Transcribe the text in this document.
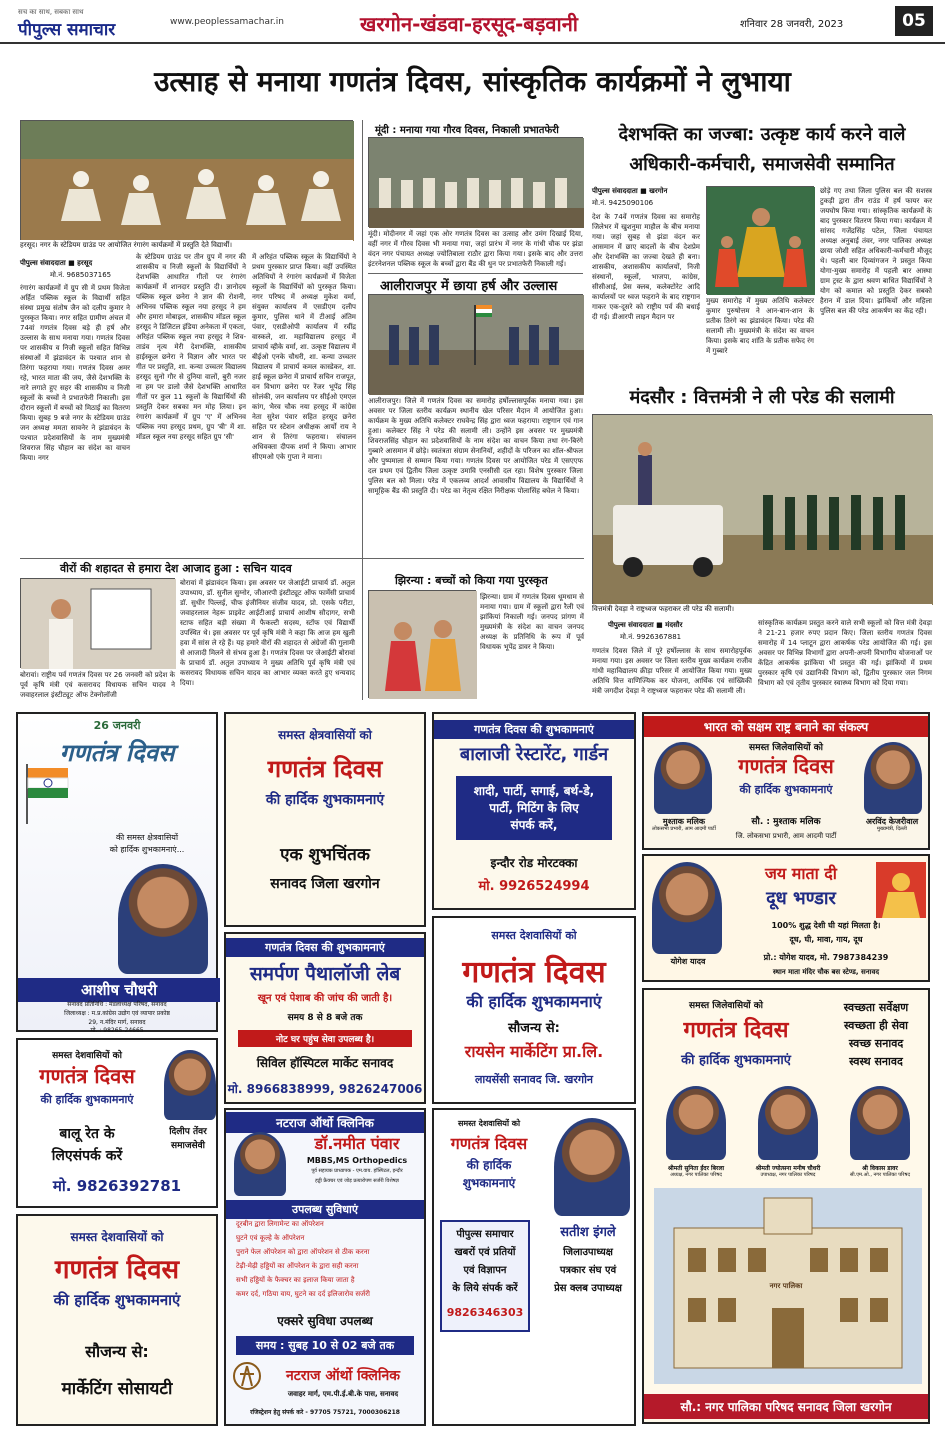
सच का साथ, सबका साथ
पीपुल्स समाचार	www.peoplessamachar.in	खरगोन-खंडवा-हरसूद-बड़वानी	शनिवार 28 जनवरी, 2023	05
उत्साह से मनाया गणतंत्र दिवस, सांस्कृतिक कार्यक्रमों ने लुभाया
हरसूद। नगर के स्टेडियम ग्राउंड पर आयोजित रंगारंग कार्यक्रमों में प्रस्तुति देते विद्यार्थी।
पीपुल्स संवाददाता ■ हरसूद
मो.नं. 9685037165
रंगारंग कार्यक्रमों में ग्रुप सी में प्रथम विजेता अर्हित पब्लिक स्कूल के विद्यार्थी सहित संस्था प्रमुख संतोष जैन को दलीप कुमार ने पुरस्कृत किया। नगर सहित ग्रामीण अंचल में 74वां गणतंत्र दिवस बड़े ही हर्ष और उल्लास के साथ मनाया गया। गणतंत्र दिवस पर शासकीय व निजी स्कूलों सहित विभिन्न संस्थाओं में झंडावंदन के पश्चात शान से तिरंगा फहराया गया। गणतंत्र दिवस अमर रहे, भारत माता की जय, जैसे देशभक्ति के नारे लगाते हुए सहर की शासकीय व निजी स्कूलों के बच्चों ने प्रभातफेरी निकाली। इस दौरान स्कूलों में बच्चों को मिठाई का वितरण किया। सुबह 9 बजे नगर के स्टेडियम ग्राउंड जन अध्यक्ष ममता सावनेर ने झंडावंदन के पश्चात प्रदेशवासियों के नाम मुख्यमंत्री शिवराज सिंह चौहान का संदेश का वाचन किया। नगर
के स्टेडियम ग्राउंड पर तीन ग्रुप में नगर की शासकीय व निजी स्कूलों के विद्यार्थियों ने देशभक्ति आधारित गीतों पर रंगारंग कार्यक्रमों में शानदार प्रस्तुति दी। ज्ञानोदय पब्लिक स्कूल छनेरा ने ज्ञान की रोशनी, अभिनव पब्लिक स्कूल नया हरसूद ने हम और हमारा मोबाइल, शासकीय मॉडल स्कूल हरसूद ने डिजिटल इंडिया अनेकता में एकता, अरिहंत पब्लिक स्कूल नया हरसूद ने शिव-ताडंव नृत्य मेरी देशभक्ति, शासकीय हाईस्कूल छनेरा ने विज्ञान और भारत पर गीत पर प्रस्तुति, शा. कन्या उच्चतर विद्यालय हरसूद सुनो गौर से दुनिया वालों, बुरी नजर ना हम पर डालो जैसे देशभक्ति आधारित गीतों पर कुल 11 स्कूलों के विद्यार्थियों की प्रस्तुति देकर सबका मन मोह लिया। इन रंगारंग कार्यक्रमों में ग्रुप 'ए' में अभिनव पब्लिक नया हरसूद प्रथम, ग्रुप 'बी' में शा. मॉडल स्कूल नया हरसूद सहित ग्रुप 'सी'
में अरिहंत पब्लिक स्कूल के विद्यार्थियों ने प्रथम पुरस्कार प्राप्त किया। वहीं उपस्थित अतिथियों ने रंगारंग कार्यक्रमों में विजेता स्कूलों के विद्यार्थियों को पुरस्कृत किया। नगर परिषद में अध्यक्ष मुकेश वर्मा, संयुक्त कार्यालय में एसडीएम दलीप कुमार, पुलिस थाने में टीआई अंतिम पंवार, एसडीओपी कार्यालय में रवींद्र वास्कले, शा. महाविद्यालय हरसूद में प्राचार्य व्हीके वर्मा, शा. उत्कृष्ट विद्यालय में बीईओ एनके चौधरी, शा. कन्या उच्चतर विद्यालय में प्राचार्य कमल कास्डेकर, शा. हाई स्कूल छनेरा में प्राचार्य सचिन राजपूत, वन विभाग छनेरा पर रेंजर भूपेंद्र सिंह सोलंकी, जन कार्यालय पर सीईओ एमएल कांग, भैरव चौक नया हरसूद में कांग्रेस नेता सुरेश पंवार सहित हरसूद छनेरा सहित पर स्टेशन अधीक्षक आर्यो राय ने शान से तिरंगा फहराया। संचालन अधिवक्ता दीपक शर्मा ने किया। आभार सीएमओ एके गुप्ता ने माना।
मूंदी : मनाया गया गौरव दिवस, निकाली प्रभातफेरी
मूंदी। मोदीनगर में जहां एक ओर गणतंत्र दिवस का उत्साह और उमंग दिखाई दिया, वहीं नगर में गौरव दिवस भी मनाया गया, जहां प्रारंभ में नगर के गांधी चौक पर झंडा वंदन नगर पंचायत अध्यक्ष ज्योतिबाला राठौर द्वारा किया गया। इसके बाद और उत्तरा इंटरनेशनल पब्लिक स्कूल के बच्चों द्वारा बैंड की धुन पर प्रभातफेरी निकाली गई।
आलीराजपुर में छाया हर्ष और उल्लास
आलीराजपुर। जिले में गणतंत्र दिवस का समारोह हर्षोल्लासपूर्वक मनाया गया। इस अवसर पर जिला स्तरीय कार्यक्रम स्थानीय खेल परिसर मैदान में आयोजित हुआ। कार्यक्रम के मुख्य अतिथि कलेक्टर राघवेन्द्र सिंह द्वारा ध्वज फहराया। राष्ट्रगान एवं गान हुआ। कलेक्टर सिंह ने परेड की सलामी ली। उन्होंने इस अवसर पर मुख्यमंत्री शिवराजसिंह चौहान का प्रदेशवासियों के नाम संदेश का वाचन किया तथा रंग-बिरंगे गुब्बारे आसमान में छोड़े। स्वतंत्रता संग्राम सेनानियों, शहीदों के परिजन का शॉल-श्रीफल और पुष्पमाला से सम्मान किया गया। गणतंत्र दिवस पर आयोजित परेड में एसएएफ दल प्रथम एवं द्वितीय जिला उत्कृष्ट उमावि एनसीसी दल रहा। विशेष पुरस्कार जिला पुलिस बल को मिला। परेड में एकलव्य आदर्श आवासीय विद्यालय के विद्यार्थियों ने सामूहिक बैंड की प्रस्तुति दी। परेड का नेतृत्व रक्षित निरीक्षक पोलासिंह बघेल ने किया।
देशभक्ति का जज्बा: उत्कृष्ट कार्य करने वाले अधिकारी-कर्मचारी, समाजसेवी सम्मानित
पीपुल्स संवाददाता ■ खरगोन
मो.नं. 9425090106
देश के 74वें गणतंत्र दिवस का समारोह जिलेभर में खुशनुमा माहौल के बीच मनाया गया। जहां सुबह से झंडा वंदन कर आसमान में छाए बादलों के बीच देशप्रेम और देशभक्ति का जज्बा देखते ही बना। शासकीय, अशासकीय कार्यालयों, निजी संस्थानों, स्कूलों, भाजपा, कांग्रेस, सीसीआई, प्रेस क्लब, कलेक्टोरेट आदि कार्यालयों पर ध्वज फहराने के बाद राष्ट्रगान गाकर एक-दूसरे को राष्ट्रीय पर्व की बधाई दी गई। डीआरपी लाइन मैदान पर
मुख्य समारोह में मुख्य अतिथि कलेक्टर कुमार पुरुषोत्तम ने आन-बान-शान के प्रतीक तिरंगे का झंडावंदन किया। परेड की सलामी ली। मुख्यमंत्री के संदेश का वाचन किया। इसके बाद शांति के प्रतीक सफेद रंग में गुब्बारे
छोड़े गए तथा जिला पुलिस बल की सशस्त्र टुकड़ी द्वारा तीन राउंड में हर्ष फायर कर जयघोष किया गया। सांस्कृतिक कार्यक्रमों के बाद पुरस्कार वितरण किया गया। कार्यक्रम में सांसद गजेंद्रसिंह पटेल, जिला पंचायत अध्यक्ष अनुबाई तंवर, नगर पालिका अध्यक्ष छाया जोशी सहित अधिकारी-कर्मचारी मौजूद थे। पहली बार दिव्यांगजन ने प्रस्तुत किया योगा-मुख्य समारोह में पहली बार आस्था ग्राम ट्रस्ट के द्वारा श्रवण बाधित विद्यार्थियों ने योग को कमाल को प्रस्तुति देकर सबको हैरान में डाल दिया। झांकियों और महिला पुलिस बल की परेड आकर्षण का केंद्र रही।
मंदसौर : वित्तमंत्री ने ली परेड की सलामी
वित्तमंत्री देवड़ा ने राष्ट्रध्वज फहराकर ली परेड की सलामी।
पीपुल्स संवाददाता ■ मंदसौर
मो.नं. 9926367881
गणतंत्र दिवस जिले में पूरे हर्षोल्लास के साथ समारोहपूर्वक मनाया गया। इस अवसर पर जिला स्तरीय मुख्य कार्यक्रम राजीव गांधी महाविद्यालय क्रीड़ा परिसर में आयोजित किया गया। मुख्य अतिथि वित्त वाणिज्यिक कर योजना, आर्थिक एवं सांख्यिकी मंत्री जगदीश देवड़ा ने राष्ट्रध्वज फहराकर परेड की सलामी ली।
सांस्कृतिक कार्यक्रम प्रस्तुत करने वाले सभी स्कूलों को वित्त मंत्री देवड़ा ने 21-21 हजार रुपए प्रदान किए। जिला स्तरीय गणतंत्र दिवस समारोह में 14 प्लाटून द्वारा आकर्षक परेड आयोजित की गई। इस अवसर पर विभिन्न विभागों द्वारा अपनी-अपनी विभागीय योजनाओं पर केंद्रित आकर्षक झांकिया भी प्रस्तुत की गई। झांकियों में प्रथम पुरस्कार कृषि एवं उद्यानिकी विभाग को, द्वितीय पुरस्कार जल निगम विभाग को एवं तृतीय पुरस्कार स्वास्थ्य विभाग को दिया गया।
वीरों की शहादत से हमारा देश आजाद हुआ : सचिन यादव
बोरावां में झंडावंदन किया। इस अवसर पर जेआईटी प्राचार्य डॉ. अतुल उपाध्याय, डॉ. सुनील सुग्नोर, जीआरपी इंस्टीट्यूट ऑफ फार्मेसी प्राचार्य डॉ. सुधीर पिल्लई, चीफ इंजीनियर संजीव यादव, प्रो. एसके परीटा, जवाहरलाल नेहरू प्राइवेट आईटीआई प्राचार्य आशीष सौदागर, सभी स्टाफ सहित बड़ी संख्या में फैकल्टी सदस्य, स्टॉफ एवं विद्यार्थी उपस्थित थे। इस अवसर पर पूर्व कृषि मंत्री ने कहा कि आज हम खुली हवा में सांस ले रहे हैं। यह हमारे वीरों की शहादत से अंग्रेजों की गुलामी से आजादी मिलने से संभव हुआ है। गणतंत्र दिवस पर जेआईटी बोरावां के प्राचार्य डॉ. अतुल उपाध्याय ने मुख्य अतिथि पूर्व कृषि मंत्री एवं कसरावद विधायक सचिन यादव का आभार व्यक्त करते हुए धन्यवाद दिया।
बोरावां। राष्ट्रीय पर्व गणतंत्र दिवस पर 26 जनवरी को प्रदेश के पूर्व कृषि मंत्री एवं कसरावद विधायक सचिन यादव ने जवाहरलाल इंस्टीट्यूट ऑफ टेक्नोलॉजी
झिरन्या : बच्चों को किया गया पुरस्कृत
झिरन्या। ग्राम में गणतंत्र दिवस धूमधाम से मनाया गया। ग्राम में स्कूलों द्वारा रैली एवं झांकियां निकाली गई। जनपद प्रांगण में मुख्यमंत्री के संदेश का वाचन जनपद अध्यक्ष के प्रतिनिधि के रूप में पूर्व विधायक भूपेंद्र डावर ने किया।
26 जनवरी
गणतंत्र दिवस
की समस्त क्षेत्रवासियों
को हार्दिक शुभकामनाएं...
आशीष चौधरी
सनावद प्रतिनिधि : मंडलाध्यक्ष परिषद, सनावद
जिलाध्यक्ष : म.प्र.कांग्रेस उद्योग एवं व्यापार प्रकोष्ठ
29, न.मंदिर मार्ग, सनावद
मो. : 98265-24665
समस्त क्षेत्रवासियों को
गणतंत्र दिवस
की हार्दिक शुभकामनाएं
एक शुभचिंतक
सनावद जिला खरगोन
गणतंत्र दिवस की शुभकामनाएं
बालाजी रेस्टारेंट, गार्डन
शादी, पार्टी, सगाई, बर्थ-डे,
पार्टी, मिटिंग के लिए
संपर्क करें,
इन्दौर रोड मोरटक्का
मो. 9926524994
भारत को सक्षम राष्ट्र बनाने का संकल्प
समस्त जिलेवासियों को
गणतंत्र दिवस
की हार्दिक शुभकामनाएं
मुश्ताक मलिक
लोकसभा प्रभारी, आम आदमी पार्टी
अरविंद केजरीवाल
मुख्यमंत्री, दिल्ली
सौ. : मुश्ताक मलिक
जि. लोकसभा प्रभारी, आम आदमी पार्टी
योगेश यादव
जय माता दी
दूध भण्डार
100% शुद्ध देशी घी यहां मिलता है।
दूध, घी, मावा, गाय, दूध
प्रो.: योगेश यादव, मो. 7987384239
स्थान माता मंदिर चौक बस स्टेण्ड, सनावद
गणतंत्र दिवस की शुभकामनाएं
समर्पण पैथालॉजी लेब
खून एवं पेशाब की जांच की जाती है।
समय 8 से 8 बजे तक
नोट घर पहुंच सेवा उपलब्ध है।
सिविल हॉस्पिटल मार्केट सनावद
मो. 8966838999, 9826247006
समस्त देशवासियों को
गणतंत्र दिवस
की हार्दिक शुभकामनाएं
सौजन्य से:
रायसेन मार्केटिंग प्रा.लि.
लायसेंसी सनावद जि. खरगोन
समस्त जिलेवासियों को
गणतंत्र दिवस
की हार्दिक शुभकामनाएं
स्वच्छता सर्वेक्षण
स्वच्छता ही सेवा
स्वच्छ सनावद
स्वस्थ सनावद
श्रीमती सुनिता ईंदर बिरला
अध्यक्ष, नगर पालिका परिषद
श्रीमती ज्योत्सना मनीष चौधरी
उपाध्यक्ष, नगर पालिका परिषद
श्री विकास डावर
सी.एम.ओ., नगर पालिका परिषद
नगर पालिका
सौ.: नगर पालिका परिषद सनावद जिला खरगोन
समस्त देशवासियों को
गणतंत्र दिवस
की हार्दिक शुभकामनाएं
बालू रेत के
लिएसंपर्क करें
दिलीप तेंवर
समाजसेवी
मो. 9826392781
नटराज ऑर्थो क्लिनिक
डॉ.नमीत पंवार
MBBS,MS Orthopedics
पूर्व सहायक प्राध्यापक - एम.वाय. हॉस्पिटल, इन्दौर
हड्डी फ्रैक्चर एवं जोड़ प्रत्यारोपण सर्जरी विशेषज्ञ
उपलब्ध सुविधाएं
दूरबीन द्वारा लिगामेन्ट का ऑपरेशन
घुटने एवं कूल्हे के ऑपरेशन
पुराने फेल ऑपरेशन को द्वारा ऑपरेशन से ठीक करना
टेढ़ी-मेढ़ी हड्डियों का ऑपरेशन के द्वारा सही करना
सभी हड्डियों के फैक्चर का इलाज किया जाता है
कमर दर्द, गठिया वाय, घुटने का दर्द इलिजारोव सर्जरी
एक्सरे सुविधा उपलब्ध
समय : सुबह 10 से 02 बजे तक
नटराज ऑर्थो क्लिनिक
जवाहर मार्ग, एम.पी.ई.बी.के पास, सनावद
रजिस्ट्रेशन हेतु संपर्क करे - 97705 75721, 7000306218
समस्त देशवासियों को
गणतंत्र दिवस
की हार्दिक
शुभकामनाएं
पीपुल्स समाचार
खबरों एवं प्रतियों
एवं विज्ञापन
के लिये संपर्क करें
9826346303
सतीश इंगले
जिलाउपाध्यक्ष
पत्रकार संघ एवं
प्रेस क्लब उपाध्यक्ष
समस्त देशवासियों को
गणतंत्र दिवस
की हार्दिक शुभकामनाएं
सौजन्य से:
मार्केटिंग सोसायटी
